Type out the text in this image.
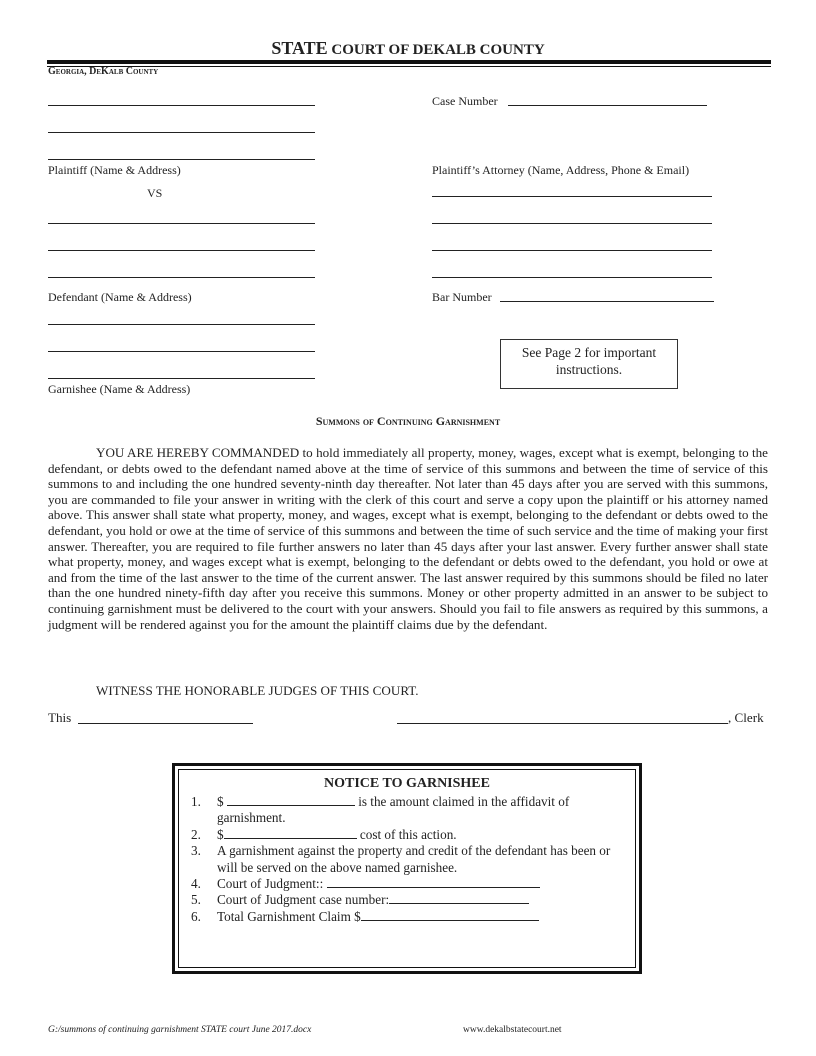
STATE COURT OF DEKALB COUNTY
Georgia, DeKalb County
Plaintiff (Name & Address)
VS
Defendant (Name & Address)
Garnishee (Name & Address)
Case Number
Plaintiff’s Attorney (Name, Address, Phone & Email)
Bar Number
See Page 2 for important instructions.
Summons of Continuing Garnishment
YOU ARE HEREBY COMMANDED to hold immediately all property, money, wages, except what is exempt, belonging to the defendant, or debts owed to the defendant named above at the time of service of this summons and between the time of service of this summons to and including the one hundred seventy-ninth day thereafter. Not later than 45 days after you are served with this summons, you are commanded to file your answer in writing with the clerk of this court and serve a copy upon the plaintiff or his attorney named above. This answer shall state what property, money, and wages, except what is exempt, belonging to the defendant or debts owed to the defendant, you hold or owe at the time of service of this summons and between the time of such service and the time of making your first answer. Thereafter, you are required to file further answers no later than 45 days after your last answer. Every further answer shall state what property, money, and wages except what is exempt, belonging to the defendant or debts owed to the defendant, you hold or owe at and from the time of the last answer to the time of the current answer. The last answer required by this summons should be filed no later than the one hundred ninety-fifth day after you receive this summons. Money or other property admitted in an answer to be subject to continuing garnishment must be delivered to the court with your answers. Should you fail to file answers as required by this summons, a judgment will be rendered against you for the amount the plaintiff claims due by the defendant.
WITNESS THE HONORABLE JUDGES OF THIS COURT.
This	, Clerk
NOTICE TO GARNISHEE
1.	$	is the amount claimed in the affidavit of garnishment.
2.	$	cost of this action.
3.	A garnishment against the property and credit of the defendant has been or will be served on the above named garnishee.
4.	Court of Judgment::
5.	Court of Judgment case number:
6.	Total Garnishment Claim $
G:/summons of continuing garnishment STATE court June 2017.docx	www.dekalbstatecourt.net
